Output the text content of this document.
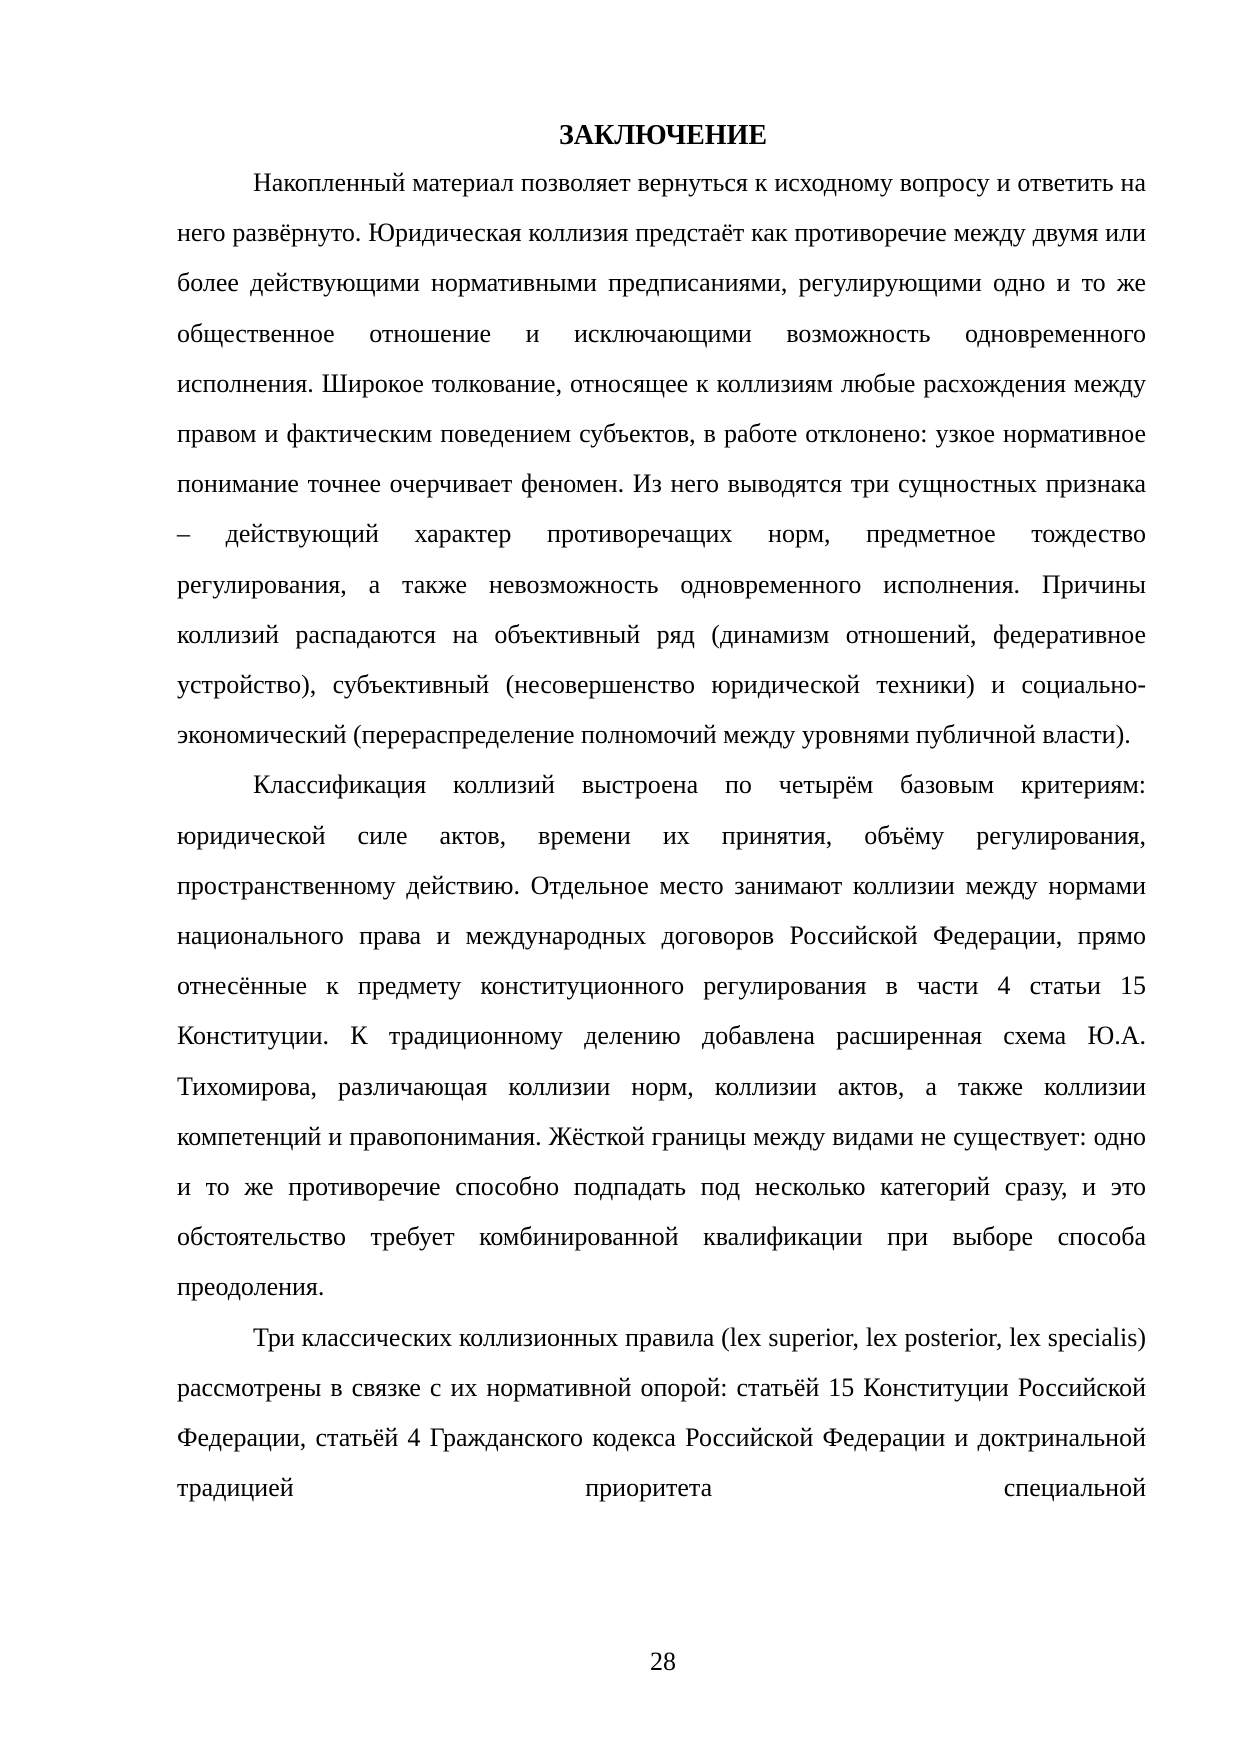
ЗАКЛЮЧЕНИЕ

Накопленный материал позволяет вернуться к исходному вопросу и ответить на него развёрнуто. Юридическая коллизия предстаёт как противоречие между двумя или более действующими нормативными предписаниями, регулирующими одно и то же общественное отношение и исключающими возможность одновременного исполнения. Широкое толкование, относящее к коллизиям любые расхождения между правом и фактическим поведением субъектов, в работе отклонено: узкое нормативное понимание точнее очерчивает феномен. Из него выводятся три сущностных признака – действующий характер противоречащих норм, предметное тождество регулирования, а также невозможность одновременного исполнения. Причины коллизий распадаются на объективный ряд (динамизм отношений, федеративное устройство), субъективный (несовершенство юридической техники) и социально-экономический (перераспределение полномочий между уровнями публичной власти).

Классификация коллизий выстроена по четырём базовым критериям: юридической силе актов, времени их принятия, объёму регулирования, пространственному действию. Отдельное место занимают коллизии между нормами национального права и международных договоров Российской Федерации, прямо отнесённые к предмету конституционного регулирования в части 4 статьи 15 Конституции. К традиционному делению добавлена расширенная схема Ю.А. Тихомирова, различающая коллизии норм, коллизии актов, а также коллизии компетенций и правопонимания. Жёсткой границы между видами не существует: одно и то же противоречие способно подпадать под несколько категорий сразу, и это обстоятельство требует комбинированной квалификации при выборе способа преодоления.

Три классических коллизионных правила (lex superior, lex posterior, lex specialis) рассмотрены в связке с их нормативной опорой: статьёй 15 Конституции Российской Федерации, статьёй 4 Гражданского кодекса Российской Федерации и доктринальной традицией приоритета специальной

28
